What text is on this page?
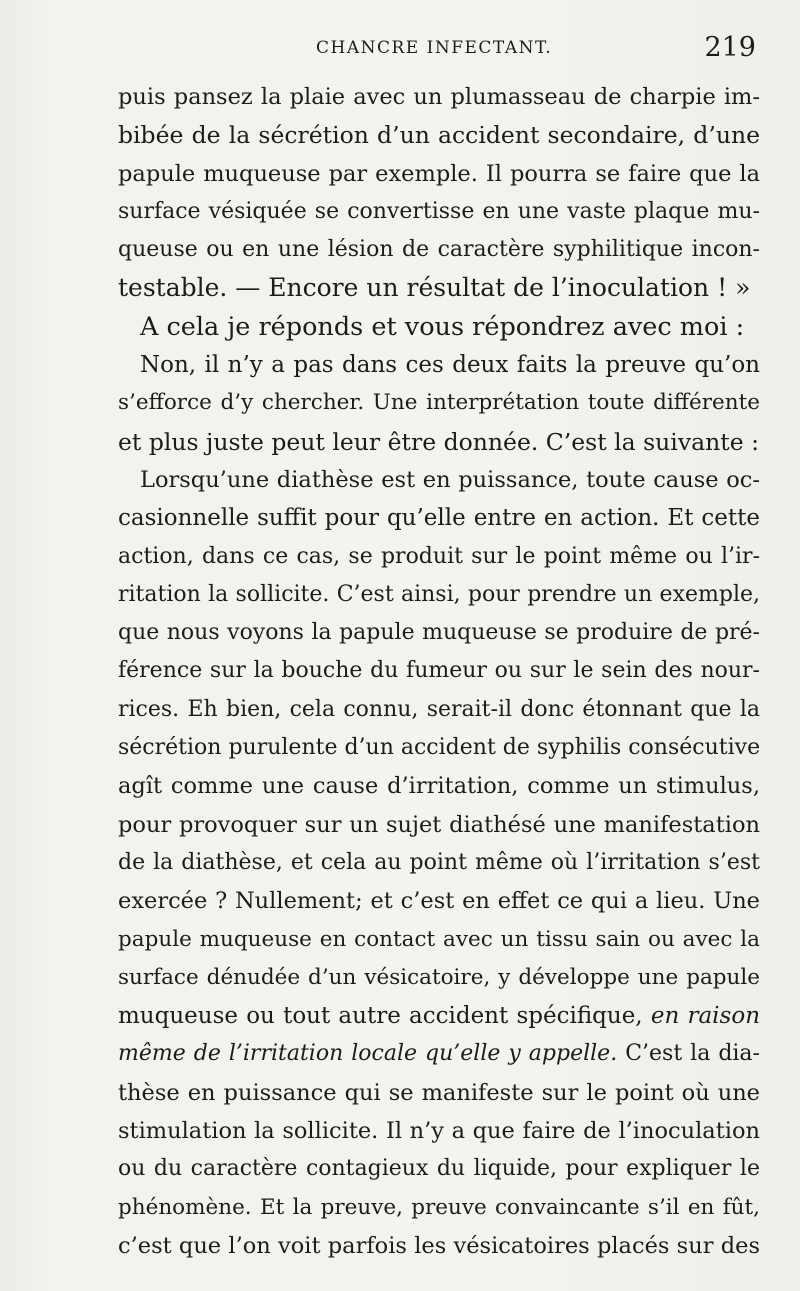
CHANCRE INFECTANT.	219
puis pansez la plaie avec un plumasseau de charpie im-
bibée de la sécrétion d’un accident secondaire, d’une
papule muqueuse par exemple. Il pourra se faire que la
surface vésiquée se convertisse en une vaste plaque mu-
queuse ou en une lésion de caractère syphilitique incon-
testable. — Encore un résultat de l’inoculation ! »
A cela je réponds et vous répondrez avec moi :
Non, il n’y a pas dans ces deux faits la preuve qu’on
s’efforce d’y chercher. Une interprétation toute différente
et plus juste peut leur être donnée. C’est la suivante :
Lorsqu’une diathèse est en puissance, toute cause oc-
casionnelle suffit pour qu’elle entre en action. Et cette
action, dans ce cas, se produit sur le point même ou l’ir-
ritation la sollicite. C’est ainsi, pour prendre un exemple,
que nous voyons la papule muqueuse se produire de pré-
férence sur la bouche du fumeur ou sur le sein des nour-
rices. Eh bien, cela connu, serait-il donc étonnant que la
sécrétion purulente d’un accident de syphilis consécutive
agît comme une cause d’irritation, comme un stimulus,
pour provoquer sur un sujet diathésé une manifestation
de la diathèse, et cela au point même où l’irritation s’est
exercée ? Nullement; et c’est en effet ce qui a lieu. Une
papule muqueuse en contact avec un tissu sain ou avec la
surface dénudée d’un vésicatoire, y développe une papule
muqueuse ou tout autre accident spécifique, en raison
même de l’irritation locale qu’elle y appelle. C’est la dia-
thèse en puissance qui se manifeste sur le point où une
stimulation la sollicite. Il n’y a que faire de l’inoculation
ou du caractère contagieux du liquide, pour expliquer le
phénomène. Et la preuve, preuve convaincante s’il en fût,
c’est que l’on voit parfois les vésicatoires placés sur des
